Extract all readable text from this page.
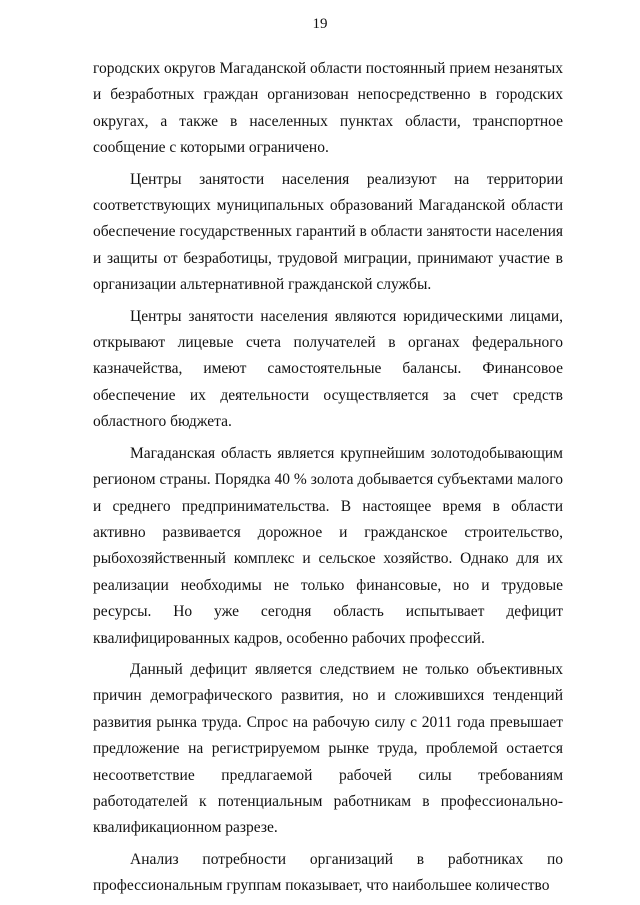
19

городских округов Магаданской области постоянный прием незанятых и безработных граждан организован непосредственно в городских округах, а также в населенных пунктах области, транспортное сообщение с которыми ограничено.

Центры занятости населения реализуют на территории соответствующих муниципальных образований Магаданской области обеспечение государственных гарантий в области занятости населения и защиты от безработицы, трудовой миграции, принимают участие в организации альтернативной гражданской службы.

Центры занятости населения являются юридическими лицами, открывают лицевые счета получателей в органах федерального казначейства, имеют самостоятельные балансы. Финансовое обеспечение их деятельности осуществляется за счет средств областного бюджета.

Магаданская область является крупнейшим золотодобывающим регионом страны. Порядка 40 % золота добывается субъектами малого и среднего предпринимательства. В настоящее время в области активно развивается дорожное и гражданское строительство, рыбохозяйственный комплекс и сельское хозяйство. Однако для их реализации необходимы не только финансовые, но и трудовые ресурсы. Но уже сегодня область испытывает дефицит квалифицированных кадров, особенно рабочих профессий.

Данный дефицит является следствием не только объективных причин демографического развития, но и сложившихся тенденций развития рынка труда. Спрос на рабочую силу с 2011 года превышает предложение на регистрируемом рынке труда, проблемой остается несоответствие предлагаемой рабочей силы требованиям работодателей к потенциальным работникам в профессионально-квалификационном разрезе.

Анализ потребности организаций в работниках по профессиональным группам показывает, что наибольшее количество
